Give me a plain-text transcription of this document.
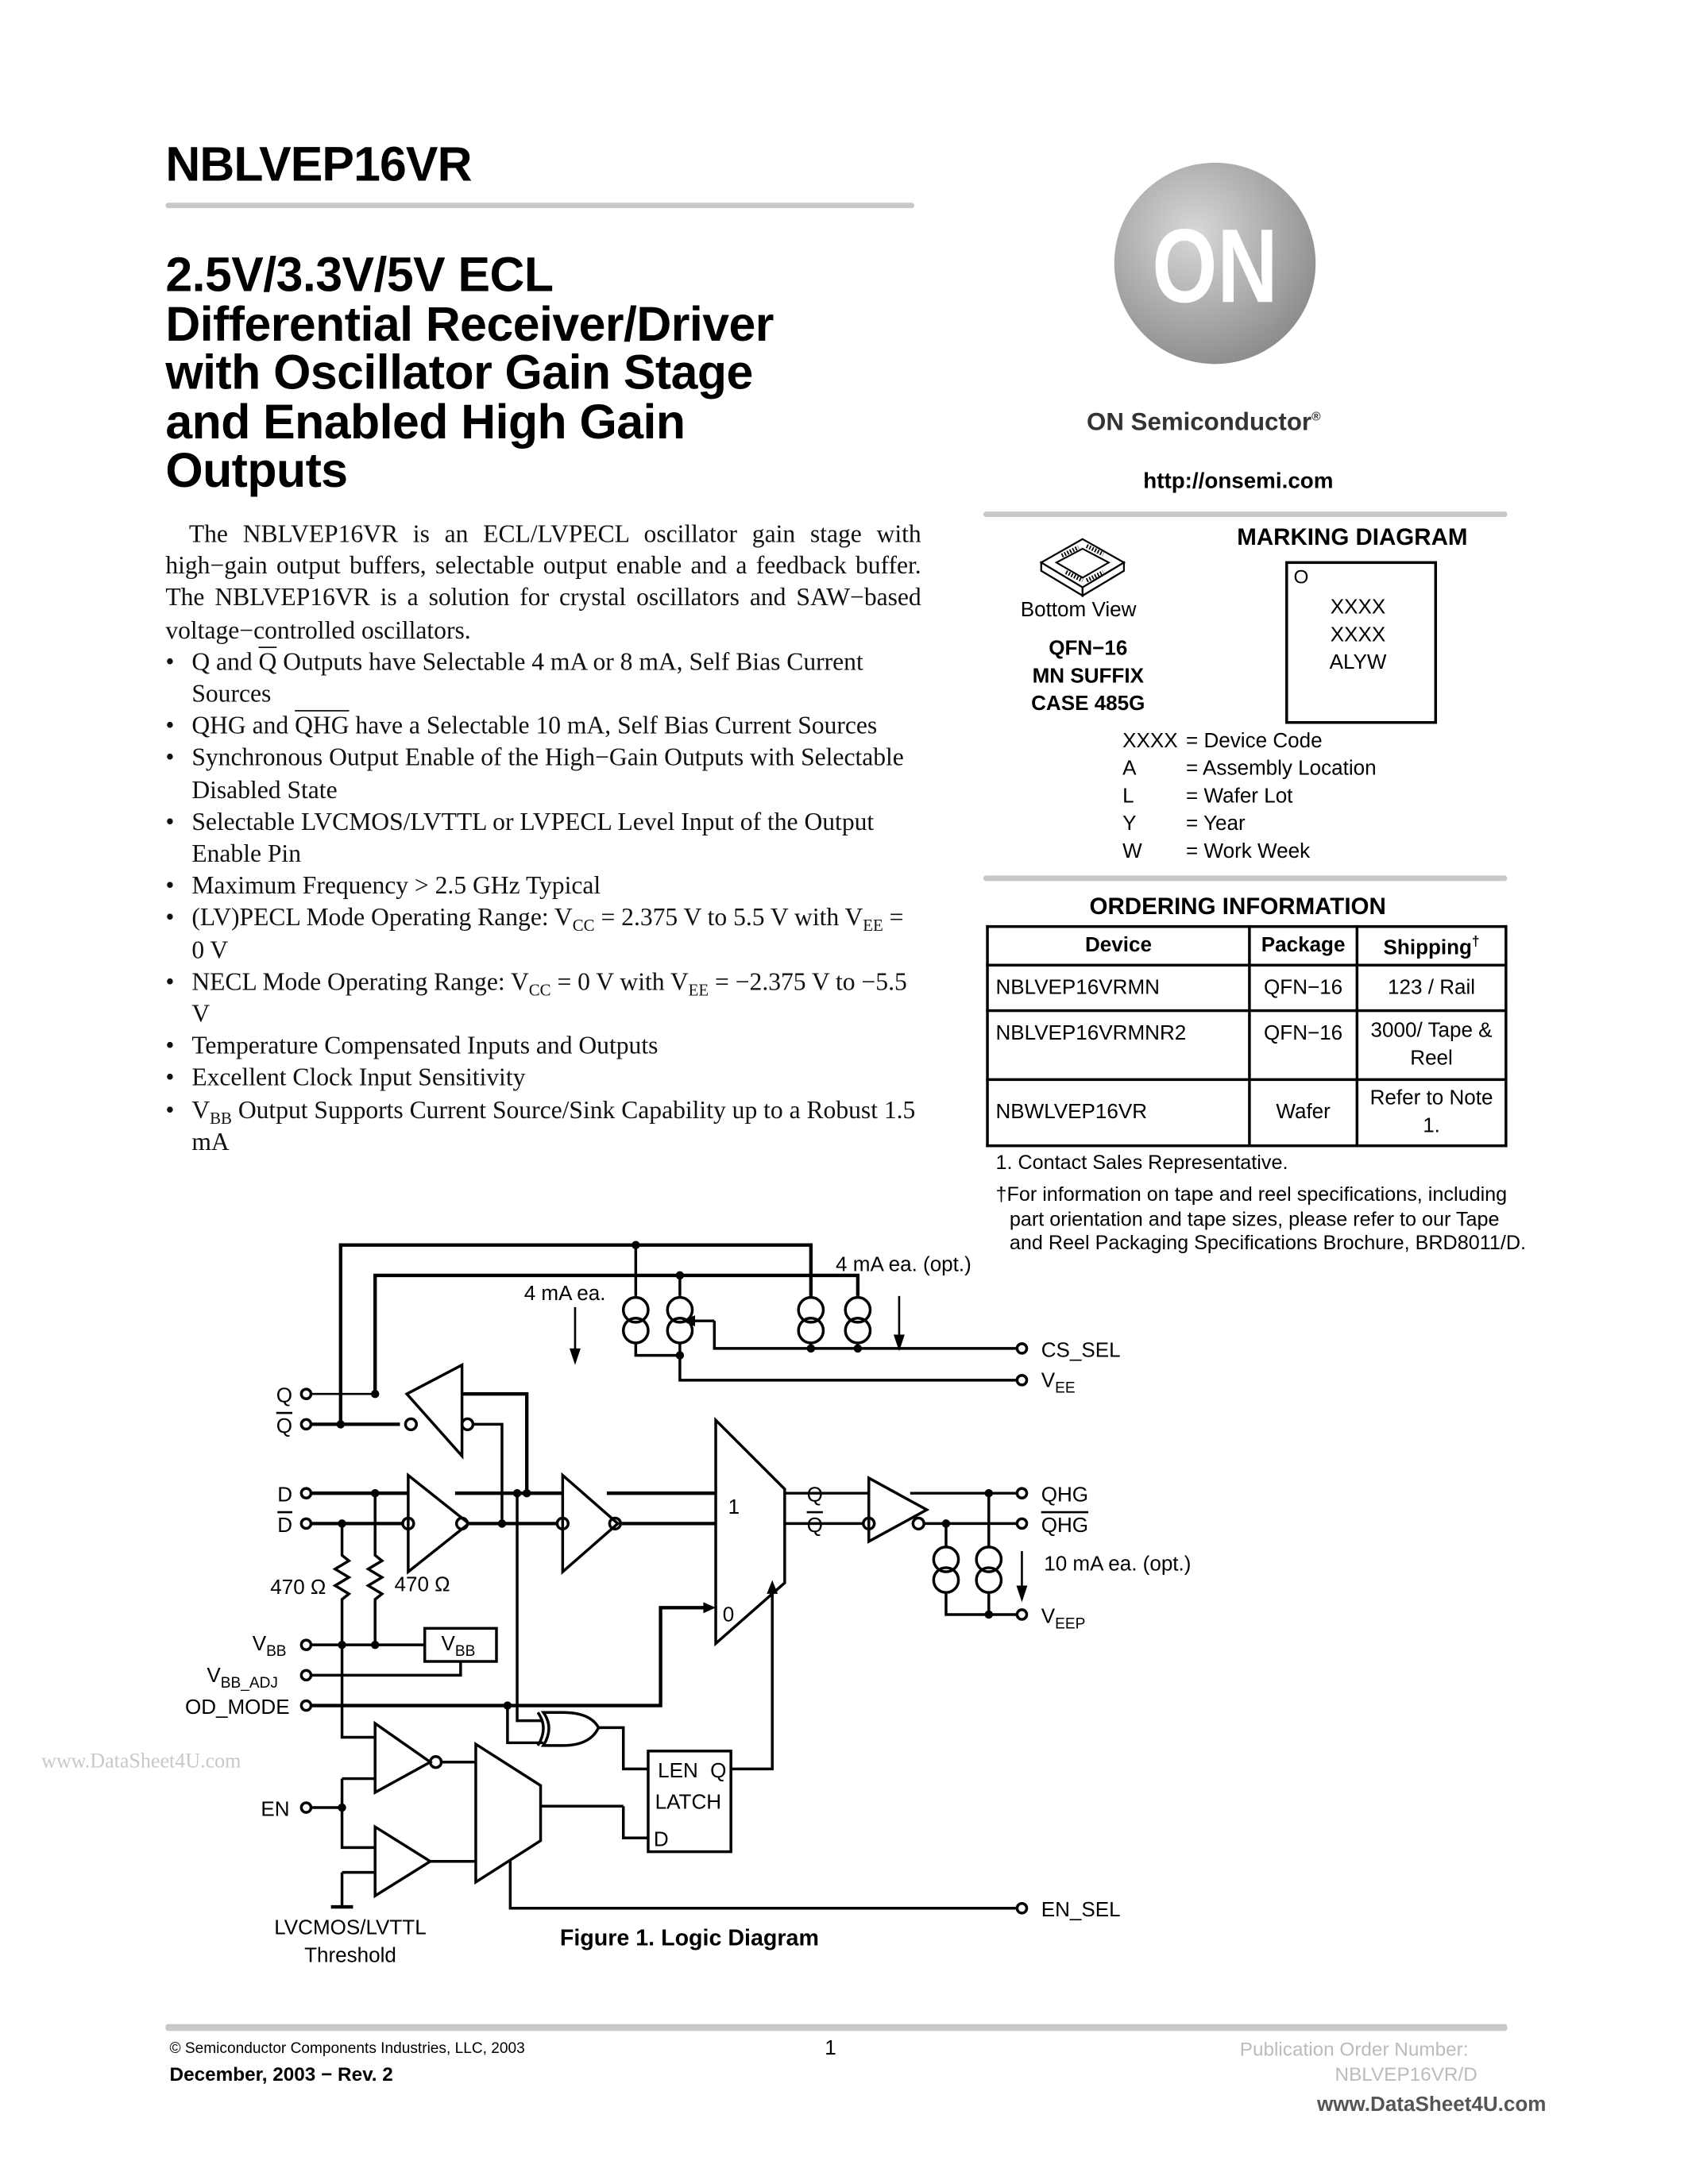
NBLVEP16VR
2.5V/3.3V/5V ECL
Differential Receiver/Driver
with Oscillator Gain Stage
and Enabled High Gain
Outputs

The NBLVEP16VR is an ECL/LVPECL oscillator gain stage with high−gain output buffers, selectable output enable and a feedback buffer. The NBLVEP16VR is a solution for crystal oscillators and SAW−based voltage−controlled oscillators.

• Q and $\overline{Q}$ Outputs have Selectable 4 mA or 8 mA, Self Bias Current Sources
• QHG and $\overline{QHG}$ have a Selectable 10 mA, Self Bias Current Sources
• Synchronous Output Enable of the High−Gain Outputs with Selectable Disabled State
• Selectable LVCMOS/LVTTL or LVPECL Level Input of the Output Enable Pin
• Maximum Frequency > 2.5 GHz Typical
• (LV)PECL Mode Operating Range: $V_{CC} = 2.375$ V to 5.5 V with $V_{EE} = 0$ V
• NECL Mode Operating Range: $V_{CC} = 0$ V with $V_{EE} = -2.375$ V to −5.5 V
• Temperature Compensated Inputs and Outputs
• Excellent Clock Input Sensitivity
• $V_{BB}$ Output Supports Current Source/Sink Capability up to a Robust 1.5 mA
ON
ON Semiconductor®
http://onsemi.com
MARKING DIAGRAM
Bottom View
QFN−16
MN SUFFIX
CASE 485G
O
XXXX
XXXX
ALYW
XXXX = Device Code
A	= Assembly Location
L	= Wafer Lot
Y	= Year
W	= Work Week
ORDERING INFORMATION
Device	Package	Shipping†
NBLVEP16VRMN	QFN−16	123 / Rail
NBLVEP16VRMNR2	QFN−16	3000/ Tape & Reel
NBWLVEP16VR	Wafer	Refer to Note 1.
1. Contact Sales Representative.
†For information on tape and reel specifications, including part orientation and tape sizes, please refer to our Tape and Reel Packaging Specifications Brochure, BRD8011/D.
4 mA ea.
4 mA ea. (opt.)
10 mA ea. (opt.)
Q
Q
D
D
470 Ω	470 Ω
$V_{BB}$	$V_{BB}$
$V_{BB\_ADJ}$
OD_MODE
EN
CS_SEL
$V_{EE}$
QHG
QHG
$V_{EEP}$
EN_SEL
1
0
Q
Q
LEN Q
LATCH
D
LVCMOS/LVTTL
Threshold
Figure 1. Logic Diagram
www.DataSheet4U.com
© Semiconductor Components Industries, LLC, 2003
December, 2003 − Rev. 2
1	Publication Order Number:
NBLVEP16VR/D
www.DataSheet4U.com
